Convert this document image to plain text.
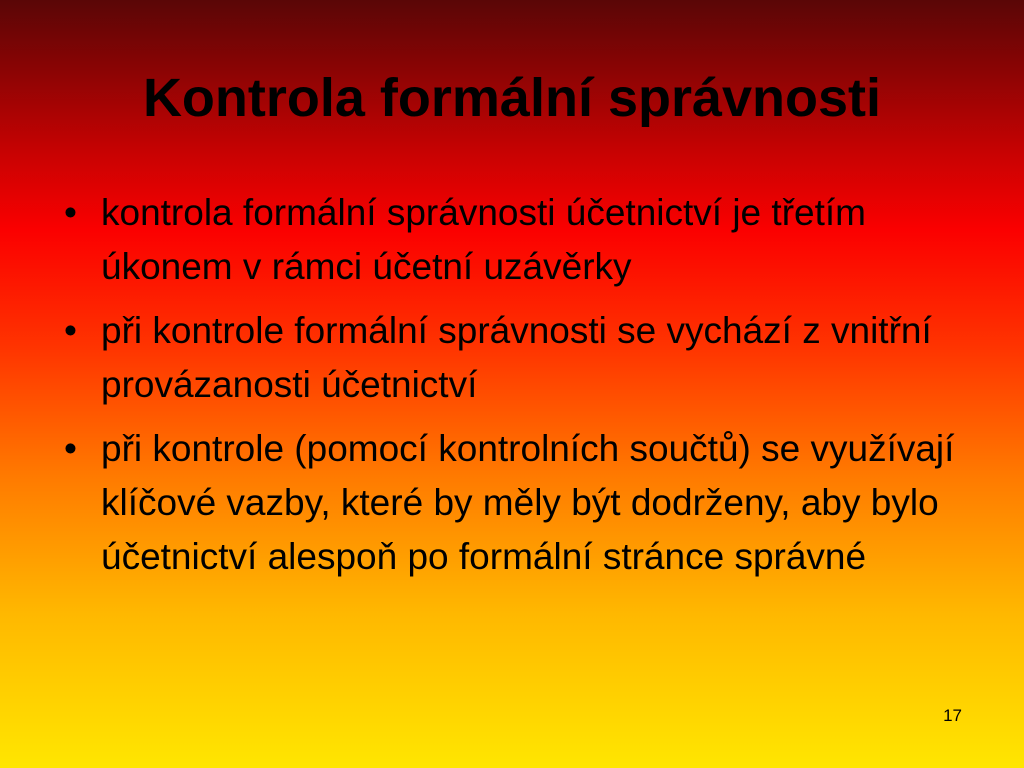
Kontrola formální správnosti
• kontrola formální správnosti účetnictví je třetím úkonem v rámci účetní uzávěrky
• při kontrole formální správnosti se vychází z vnitřní provázanosti účetnictví
• při kontrole (pomocí kontrolních součtů) se využívají klíčové vazby, které by měly být dodrženy, aby bylo účetnictví alespoň po formální stránce správné
17
